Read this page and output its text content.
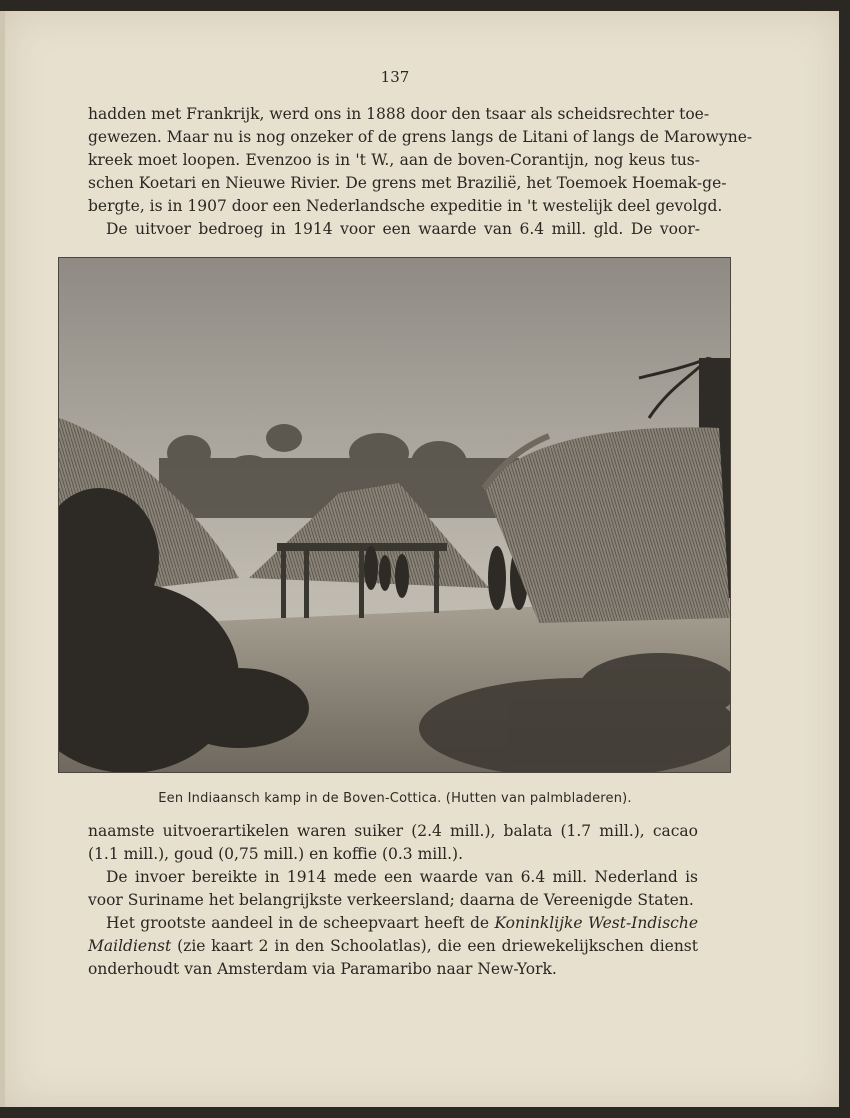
137
hadden met Frankrijk, werd ons in 1888 door den tsaar als scheidsrechter toe-
gewezen. Maar nu is nog onzeker of de grens langs de Litani of langs de Marowyne-
kreek moet loopen. Evenzoo is in 't W., aan de boven-Corantijn, nog keus tus-
schen Koetari en Nieuwe Rivier. De grens met Brazilië, het Toemoek Hoemak-ge-
bergte, is in 1907 door een Nederlandsche expeditie in 't westelijk deel gevolgd.
De uitvoer bedroeg in 1914 voor een waarde van 6.4 mill. gld. De voor-
Een Indiaansch kamp in de Boven-Cottica. (Hutten van palmbladeren).
naamste uitvoerartikelen waren suiker (2.4 mill.), balata (1.7 mill.), cacao
(1.1 mill.), goud (0,75 mill.) en koffie (0.3 mill.).
De invoer bereikte in 1914 mede een waarde van 6.4 mill. Nederland is
voor Suriname het belangrijkste verkeersland; daarna de Vereenigde Staten.
Het grootste aandeel in de scheepvaart heeft de Koninklijke West-Indische
Maildienst (zie kaart 2 in den Schoolatlas), die een driewekelijkschen dienst
onderhoudt van Amsterdam via Paramaribo naar New-York.
